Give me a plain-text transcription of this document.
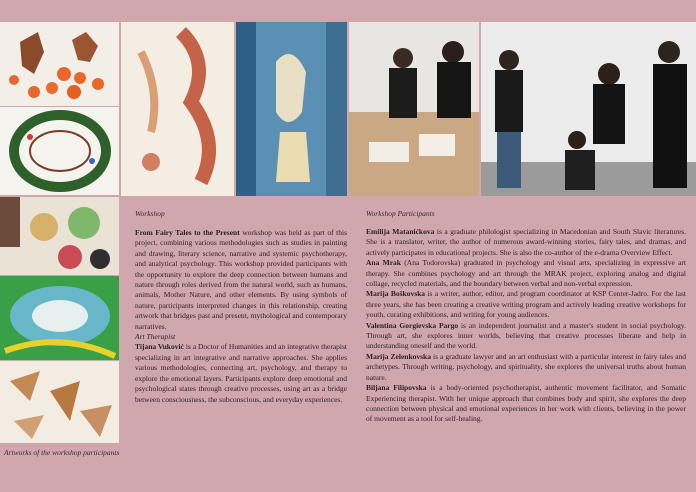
Artworks of the workshop participants
Workshop

From Fairy Tales to the Present workshop was held as part of this project, combining various methodologies such as studies in painting and drawing, literary science, narrative and systemic psychotherapy, and analytical psychology. This workshop provided participants with the opportunity to explore the deep connection between humans and nature through roles derived from the natural world, such as humans, animals, Mother Nature, and other elements. By using symbols of nature, participants interpreted changes in this relationship, creating artwork that bridges past and present, mythological and contemporary narratives.

Art Therapist

Tijana Vuković is a Doctor of Humanities and an integrative therapist specializing in art integrative and narrative approaches. She applies various methodologies, connecting art, psychology, and therapy to explore the emotional layers. Participants explore deep emotional and psychological states through creative processes, using art as a bridge between consciousness, the subconscious, and everyday experiences.

Workshop Participants

Emilija Matanićkova is a graduate philologist specializing in Macedonian and South Slavic literatures. She is a translator, writer, the author of numerous award-winning stories, fairy tales, and dramas, and actively participates in educational projects. She is also the co-author of the e-drama Overview Effect.

Ana Mrak (Ana Todorovska) graduated in psychology and visual arts, specializing in expressive art therapy. She combines psychology and art through the MRAK project, exploring analog and digital collage, recycled materials, and the boundary between verbal and non-verbal expression.

Marija Boškovska is a writer, author, editor, and program coordinator at KSP Center-Jadro. For the last three years, she has been creating a creative writing program and actively leading creative workshops for youth, curating exhibitions, and writing for young audiences.

Valentina Gorgievska Pargo is an independent journalist and a master's student in social psychology. Through art, she explores inner worlds, believing that creative processes liberate and help in understanding oneself and the world.

Marija Zelenkovska is a graduate lawyer and an art enthusiast with a particular interest in fairy tales and archetypes. Through writing, psychology, and spirituality, she explores the universal truths about human nature.

Biljana Filipovska is a body-oriented psychotherapist, authentic movement facilitator, and Somatic Experiencing therapist. With her unique approach that combines body and spirit, she explores the deep connection between physical and emotional experiences in her work with clients, believing in the power of movement as a tool for self-healing.
